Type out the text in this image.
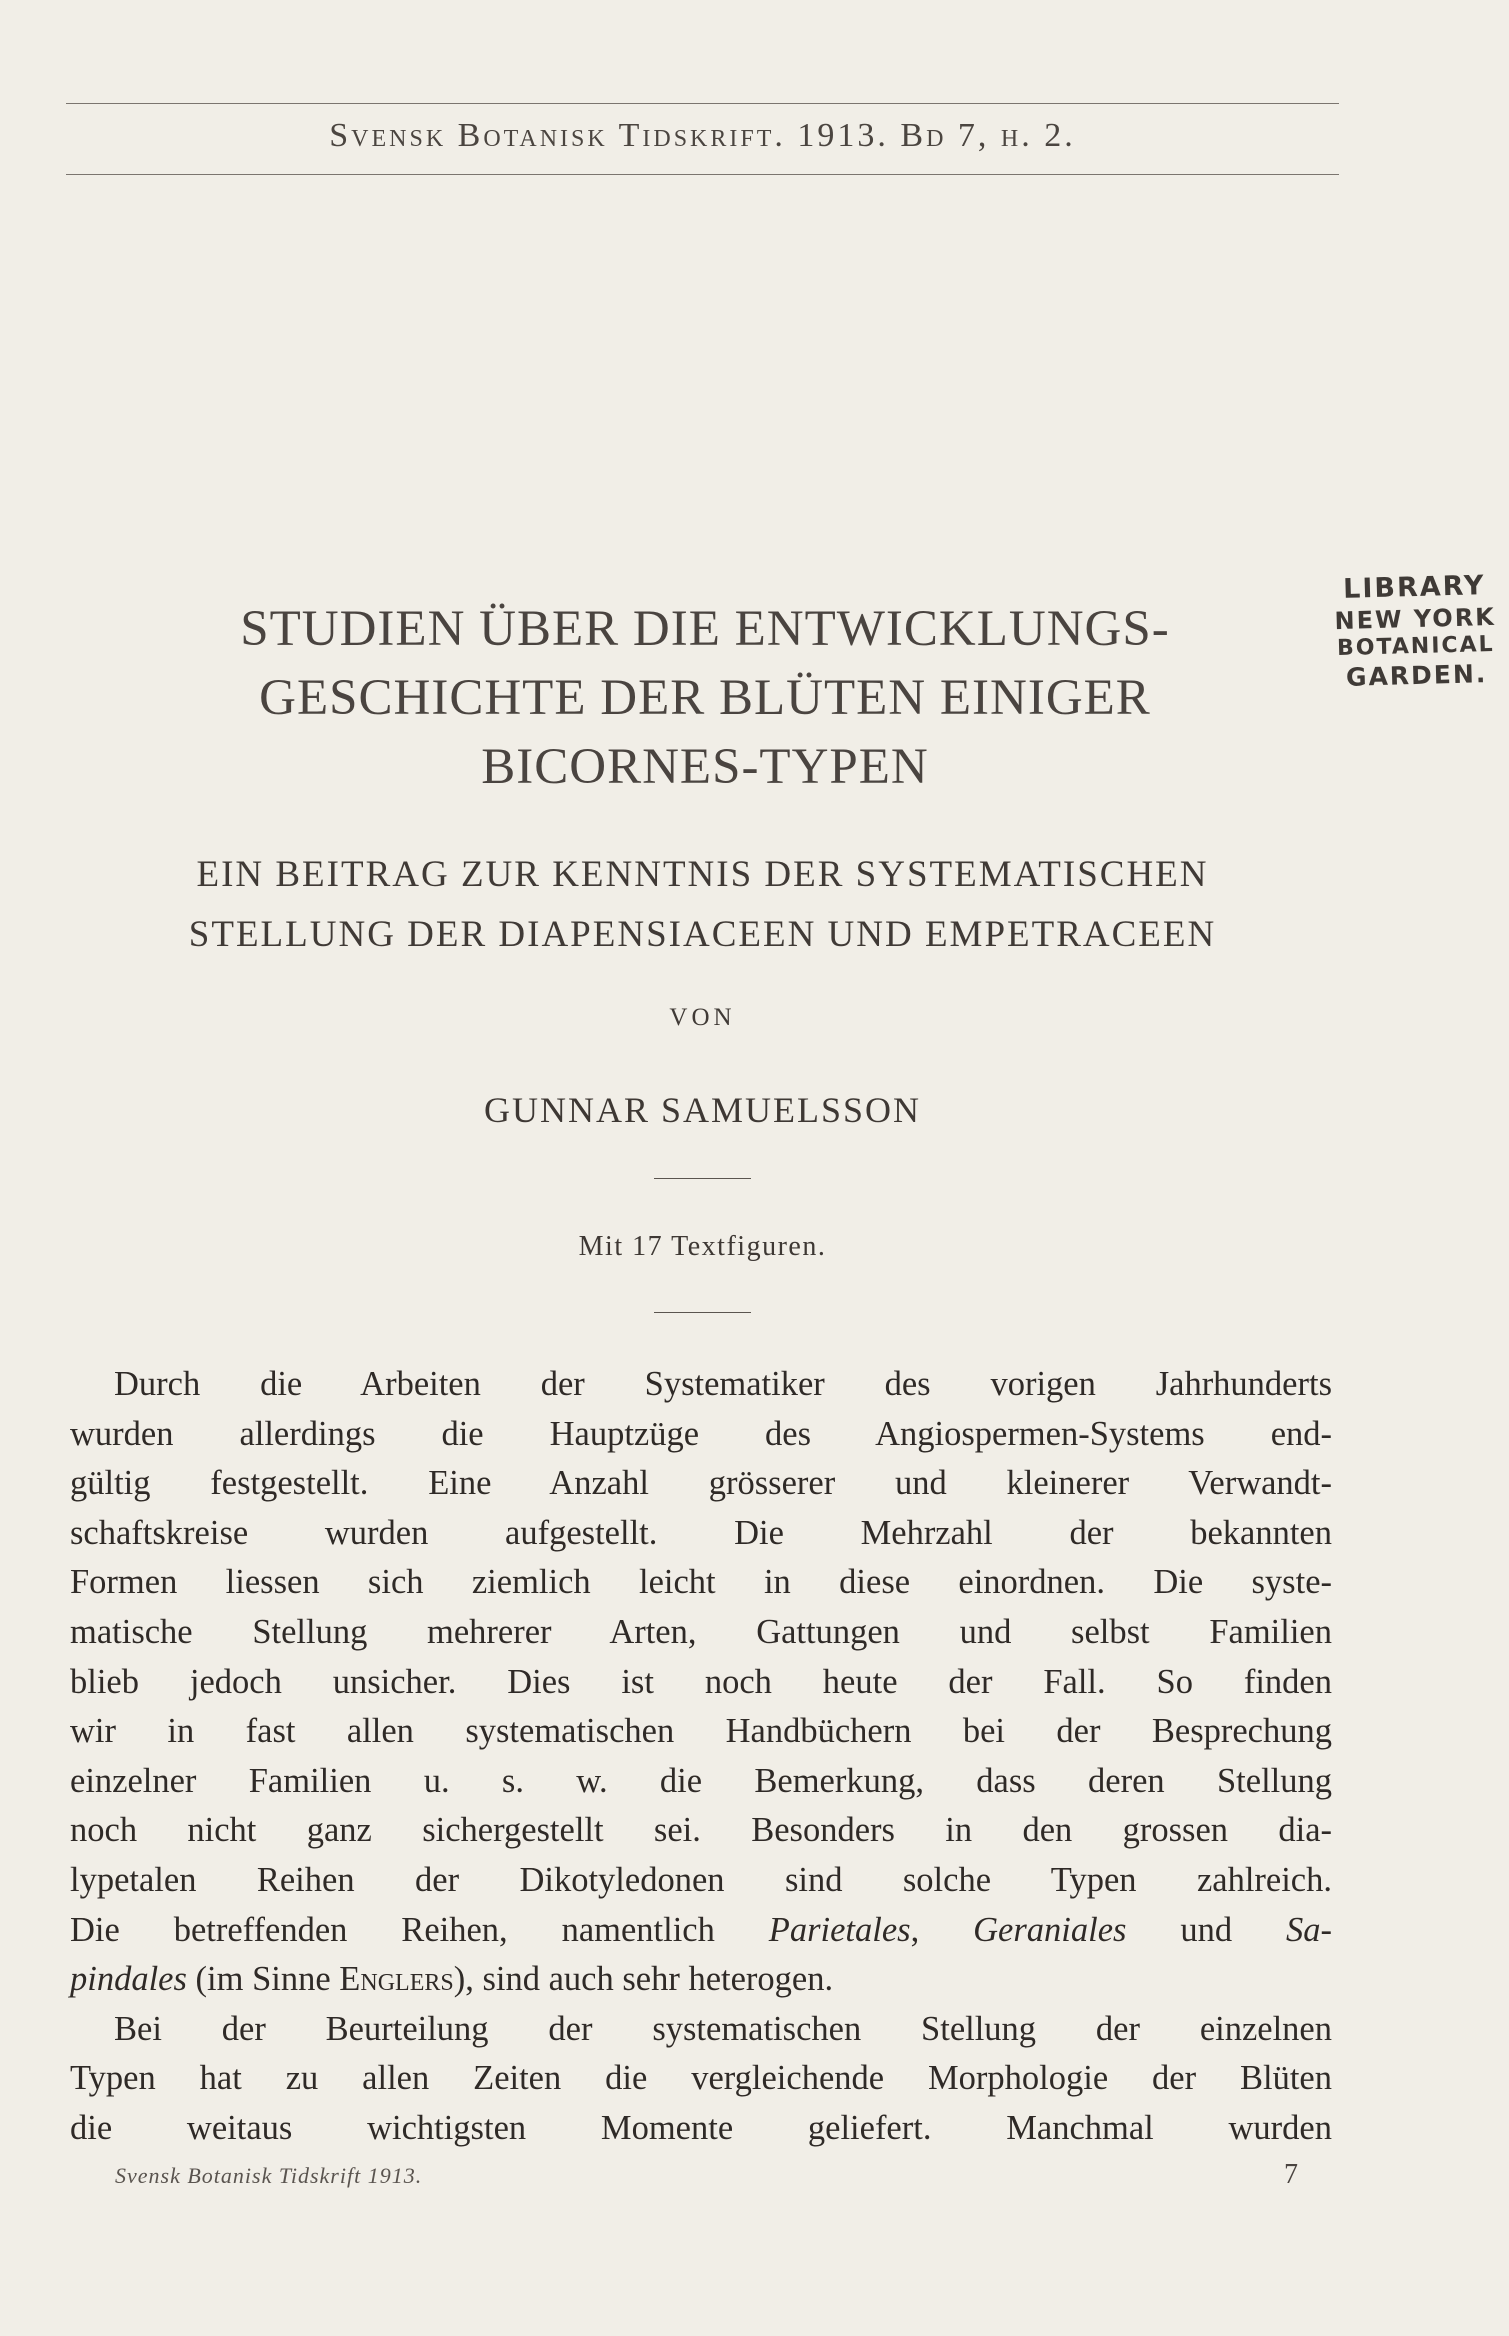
Svensk Botanisk Tidskrift. 1913. Bd 7, h. 2.
LIBRARY
NEW YORK
BOTANICAL
GARDEN.
STUDIEN ÜBER DIE ENTWICKLUNGS-
GESCHICHTE DER BLÜTEN EINIGER
BICORNES-TYPEN
EIN BEITRAG ZUR KENNTNIS DER SYSTEMATISCHEN
STELLUNG DER DIAPENSIACEEN UND EMPETRACEEN
VON
GUNNAR SAMUELSSON
Mit 17 Textfiguren.
Durch die Arbeiten der Systematiker des vorigen Jahrhunderts
wurden allerdings die Hauptzüge des Angiospermen-Systems end-
gültig festgestellt. Eine Anzahl grösserer und kleinerer Verwandt-
schaftskreise wurden aufgestellt. Die Mehrzahl der bekannten
Formen liessen sich ziemlich leicht in diese einordnen. Die syste-
matische Stellung mehrerer Arten, Gattungen und selbst Familien
blieb jedoch unsicher. Dies ist noch heute der Fall. So finden
wir in fast allen systematischen Handbüchern bei der Besprechung
einzelner Familien u. s. w. die Bemerkung, dass deren Stellung
noch nicht ganz sichergestellt sei. Besonders in den grossen dia-
lypetalen Reihen der Dikotyledonen sind solche Typen zahlreich.
Die betreffenden Reihen, namentlich Parietales, Geraniales und Sa-
pindales (im Sinne Englers), sind auch sehr heterogen.
Bei der Beurteilung der systematischen Stellung der einzelnen
Typen hat zu allen Zeiten die vergleichende Morphologie der Blüten
die weitaus wichtigsten Momente geliefert. Manchmal wurden
Svensk Botanisk Tidskrift 1913.	7
